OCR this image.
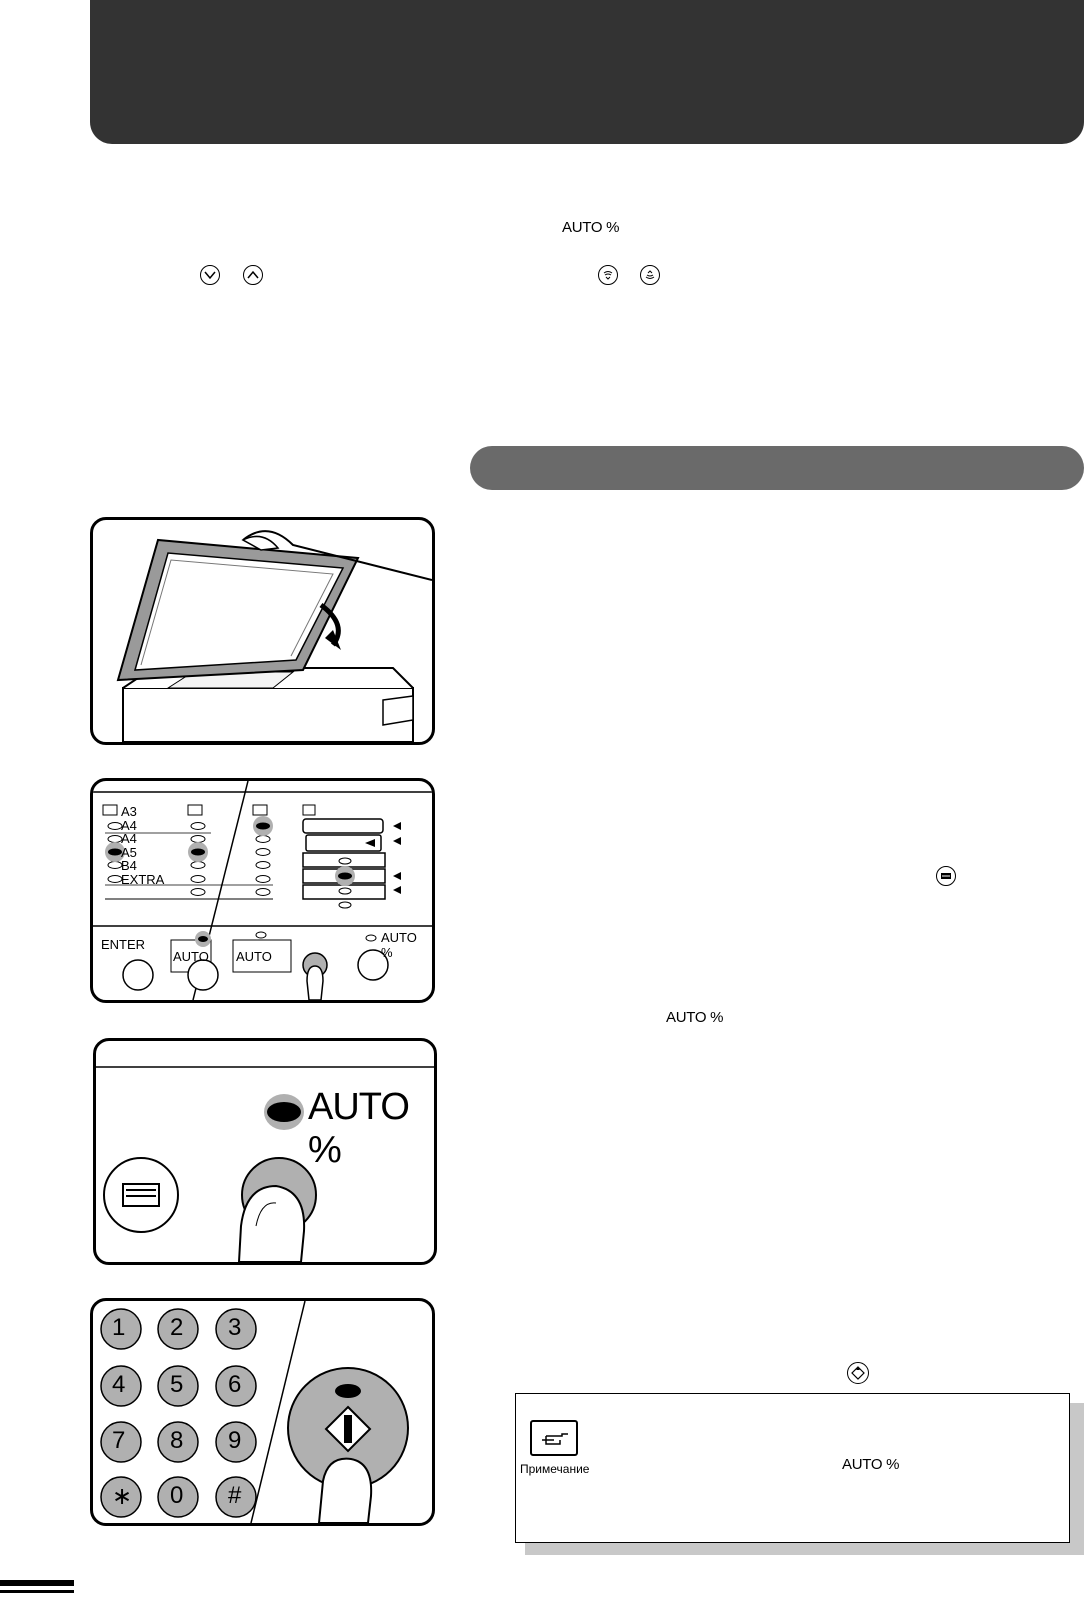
AUTO %
A3
A4
A4
A5
B4
EXTRA
ENTER
AUTO AUTO
AUTO %
AUTO %
AUTO %
1 2 3
4 5 6
7 8 9
∗ 0 #
Примечание	AUTO %
